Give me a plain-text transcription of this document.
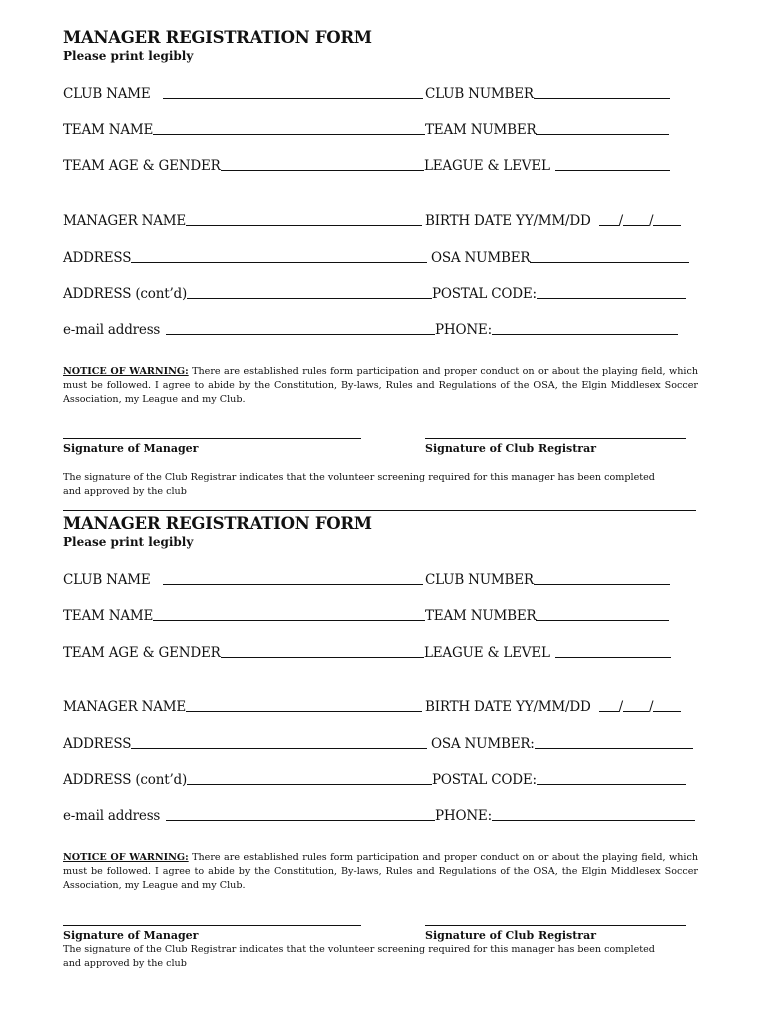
MANAGER REGISTRATION FORM

Please print legibly

CLUB NAME	CLUB NUMBER
TEAM NAME	TEAM NUMBER
TEAM AGE & GENDER	LEAGUE & LEVEL
MANAGER NAME	BIRTH DATE YY/MM/DD / /
ADDRESS	OSA NUMBER
ADDRESS (cont’d)	POSTAL CODE:
e-mail address	PHONE:

NOTICE OF WARNING: There are established rules form participation and proper conduct on or about the playing field, which must be followed. I agree to abide by the Constitution, By-laws, Rules and Regulations of the OSA, the Elgin Middlesex Soccer Association, my League and my Club.

Signature of Manager	Signature of Club Registrar

The signature of the Club Registrar indicates that the volunteer screening required for this manager has been completed and approved by the club

MANAGER REGISTRATION FORM

Please print legibly

CLUB NAME	CLUB NUMBER
TEAM NAME	TEAM NUMBER
TEAM AGE & GENDER	LEAGUE & LEVEL
MANAGER NAME	BIRTH DATE YY/MM/DD / /
ADDRESS	OSA NUMBER:
ADDRESS (cont’d)	POSTAL CODE:
e-mail address	PHONE:

NOTICE OF WARNING: There are established rules form participation and proper conduct on or about the playing field, which must be followed. I agree to abide by the Constitution, By-laws, Rules and Regulations of the OSA, the Elgin Middlesex Soccer Association, my League and my Club.

Signature of Manager	Signature of Club Registrar

The signature of the Club Registrar indicates that the volunteer screening required for this manager has been completed and approved by the club
